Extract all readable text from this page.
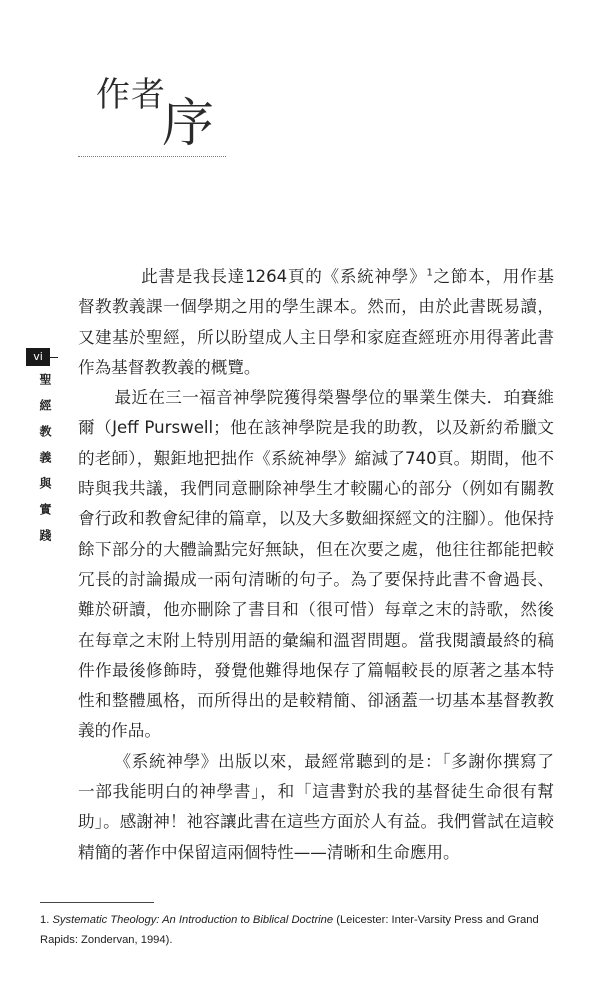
作者
序
vi
聖經教義與實踐

此書是我長達1264頁的《系統神學》$^1$之節本，用作基督教教義課一個學期之用的學生課本。然而，由於此書既易讀，又建基於聖經，所以盼望成人主日學和家庭查經班亦用得著此書作為基督教教義的概覽。

最近在三一福音神學院獲得榮譽學位的畢業生傑夫．珀賽維爾（Jeff Purswell；他在該神學院是我的助教，以及新約希臘文的老師），艱鉅地把拙作《系統神學》縮減了740頁。期間，他不時與我共議，我們同意刪除神學生才較關心的部分（例如有關教會行政和教會紀律的篇章，以及大多數細探經文的注腳）。他保持餘下部分的大體論點完好無缺，但在次要之處，他往往都能把較冗長的討論撮成一兩句清晰的句子。為了要保持此書不會過長、難於研讀，他亦刪除了書目和（很可惜）每章之末的詩歌，然後在每章之末附上特別用語的彙編和溫習問題。當我閱讀最終的稿件作最後修飾時，發覺他難得地保存了篇幅較長的原著之基本特性和整體風格，而所得出的是較精簡、卻涵蓋一切基本基督教教義的作品。

《系統神學》出版以來，最經常聽到的是：「多謝你撰寫了一部我能明白的神學書」，和「這書對於我的基督徒生命很有幫助」。感謝神！祂容讓此書在這些方面於人有益。我們嘗試在這較精簡的著作中保留這兩個特性——清晰和生命應用。

1. Systematic Theology: An Introduction to Biblical Doctrine (Leicester: Inter-Varsity Press and Grand Rapids: Zondervan, 1994).
